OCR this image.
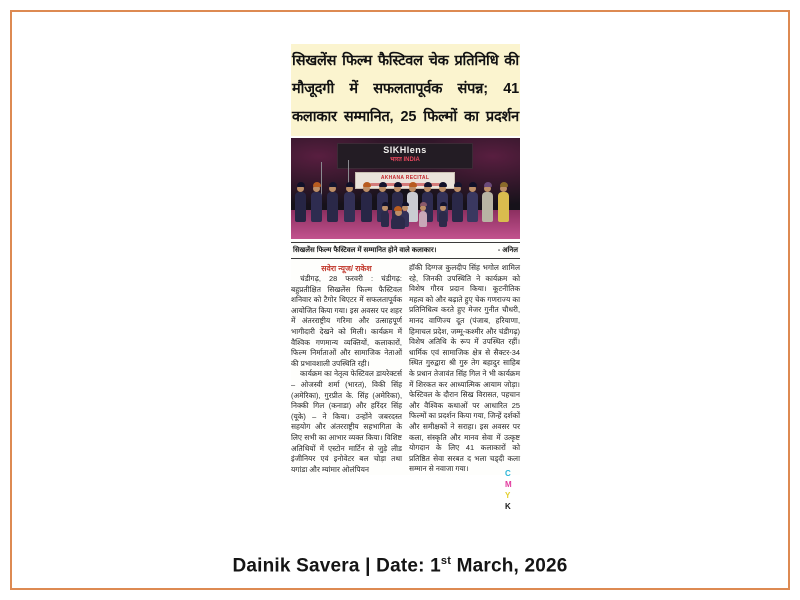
सिखलेंस फिल्म फैस्टिवल चेक प्रतिनिधि की
मौजूदगी में सफलतापूर्वक संपन्न; 41
कलाकार सम्मानित, 25 फिल्मों का प्रदर्शन
SIKHlens
भारत INDIA
AKHANA RECITAL
सिखलेंस फिल्म फैस्टिवल में सम्मानित होने वाले कलाकार।	- अनिल
सवेरा न्यूज/ राकेश
चंडीगढ़, 28 फरवरी : चंडीगढ़: बहुप्रतीक्षित सिखलेंस फिल्म फैस्टिवल शनिवार को टैगोर थिएटर में सफलतापूर्वक आयोजित किया गया। इस अवसर पर शहर में अंतरराष्ट्रीय गरिमा और उत्साहपूर्ण भागीदारी देखने को मिली। कार्यक्रम में वैश्विक गणमान्य व्यक्तियों, कलाकारों, फिल्म निर्माताओं और सामाजिक नेताओं की प्रभावशाली उपस्थिति रही।
कार्यक्रम का नेतृत्व फेस्टिवल डायरेक्टर्स – ओजस्वी शर्मा (भारत), विकी सिंह (अमेरिका), गुरप्रीत के. सिंह (अमेरिका), निक्की गिल (कनाडा) और हरिंदर सिंह (यूके) – ने किया। उन्होंने जबरदस्त सहयोग और अंतरराष्ट्रीय सहभागिता के लिए सभी का आभार व्यक्त किया। विशिष्ट अतिथियों में एस्टोन मार्टिन से जुड़े लीड इंजीनियर एवं इनोवेटर बल चोड़ा तथा यगांडा और म्यांमार ओलंपियन
हॉकी दिग्गज कुलदीप सिंह भगोल शामिल रहे, जिनकी उपस्थिति ने कार्यक्रम को विशेष गौरव प्रदान किया। कूटनीतिक महत्व को और बढ़ाते हुए चेक गणराज्य का प्रतिनिधित्व करते हुए मेजर गुनीत चौधरी, मानद वाणिज्य दूत (पंजाब, हरियाणा, हिमाचल प्रदेश, जम्मू-कश्मीर और चंडीगढ़) विशेष अतिथि के रूप में उपस्थित रहीं। धार्मिक एवं सामाजिक क्षेत्र से सैक्टर-34 स्थित गुरुद्वारा श्री गुरु तेग बहादुर साहिब के प्रधान तेजावंत सिंह गिल ने भी कार्यक्रम में शिरकत कर आध्यात्मिक आयाम जोड़ा। फेस्टिवल के दौरान सिख विरासत, पहचान और वैश्विक कथाओं पर आधारित 25 फिल्मों का प्रदर्शन किया गया, जिन्हें दर्शकों और समीक्षकों ने सराहा। इस अवसर पर कला, संस्कृति और मानव सेवा में उत्कृष्ट योगदान के लिए 41 कलाकारों को प्रतिष्ठित सेवा सरबत द भला चड्दी कला सम्मान से नवाजा गया।
C
M
Y
K
Dainik Savera | Date: 1st March, 2026
